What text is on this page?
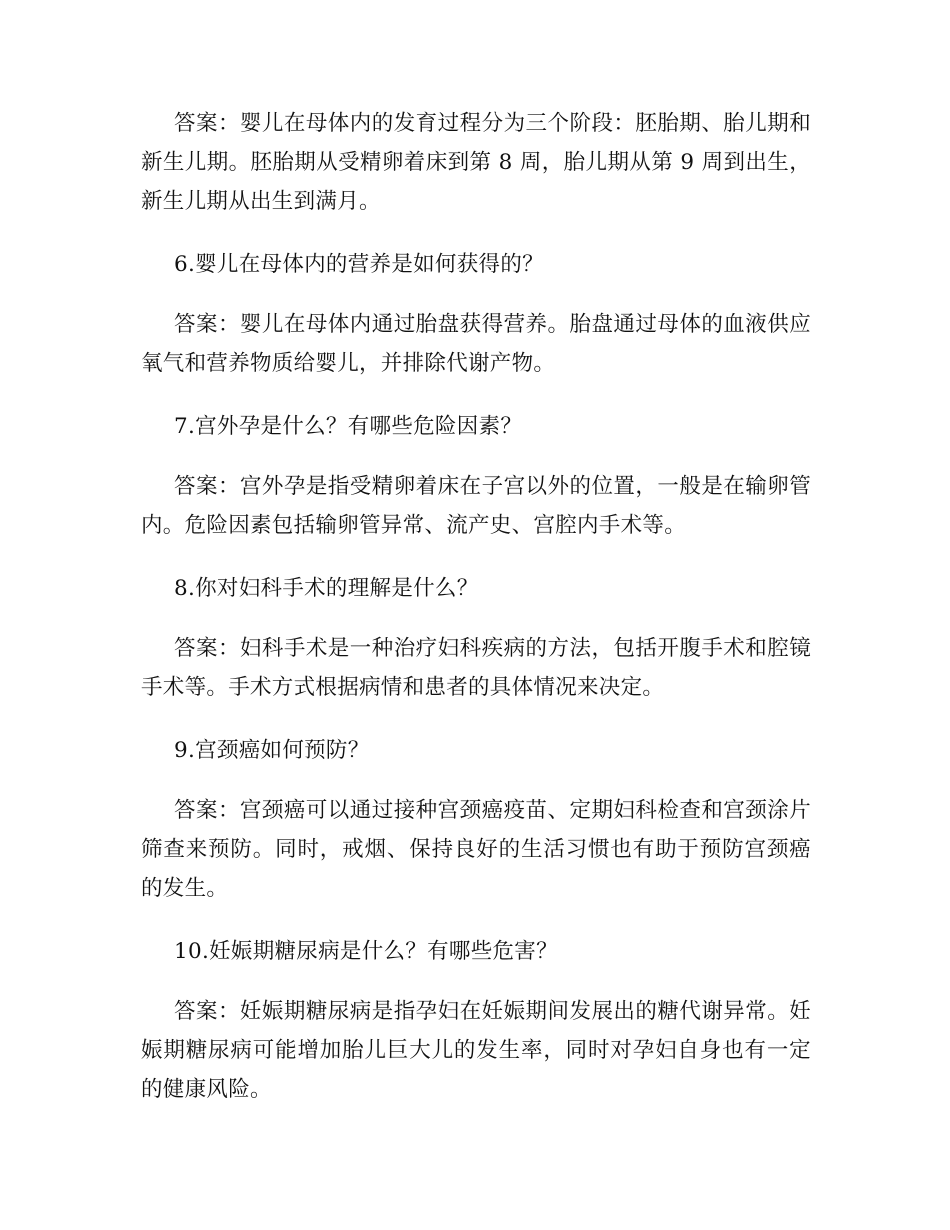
答案：婴儿在母体内的发育过程分为三个阶段：胚胎期、胎儿期和新生儿期。胚胎期从受精卵着床到第 8 周，胎儿期从第 9 周到出生，新生儿期从出生到满月。

6.婴儿在母体内的营养是如何获得的？

答案：婴儿在母体内通过胎盘获得营养。胎盘通过母体的血液供应氧气和营养物质给婴儿，并排除代谢产物。

7.宫外孕是什么？有哪些危险因素？

答案：宫外孕是指受精卵着床在子宫以外的位置，一般是在输卵管内。危险因素包括输卵管异常、流产史、宫腔内手术等。

8.你对妇科手术的理解是什么？

答案：妇科手术是一种治疗妇科疾病的方法，包括开腹手术和腔镜手术等。手术方式根据病情和患者的具体情况来决定。

9.宫颈癌如何预防？

答案：宫颈癌可以通过接种宫颈癌疫苗、定期妇科检查和宫颈涂片筛查来预防。同时，戒烟、保持良好的生活习惯也有助于预防宫颈癌的发生。

10.妊娠期糖尿病是什么？有哪些危害？

答案：妊娠期糖尿病是指孕妇在妊娠期间发展出的糖代谢异常。妊娠期糖尿病可能增加胎儿巨大儿的发生率，同时对孕妇自身也有一定的健康风险。
